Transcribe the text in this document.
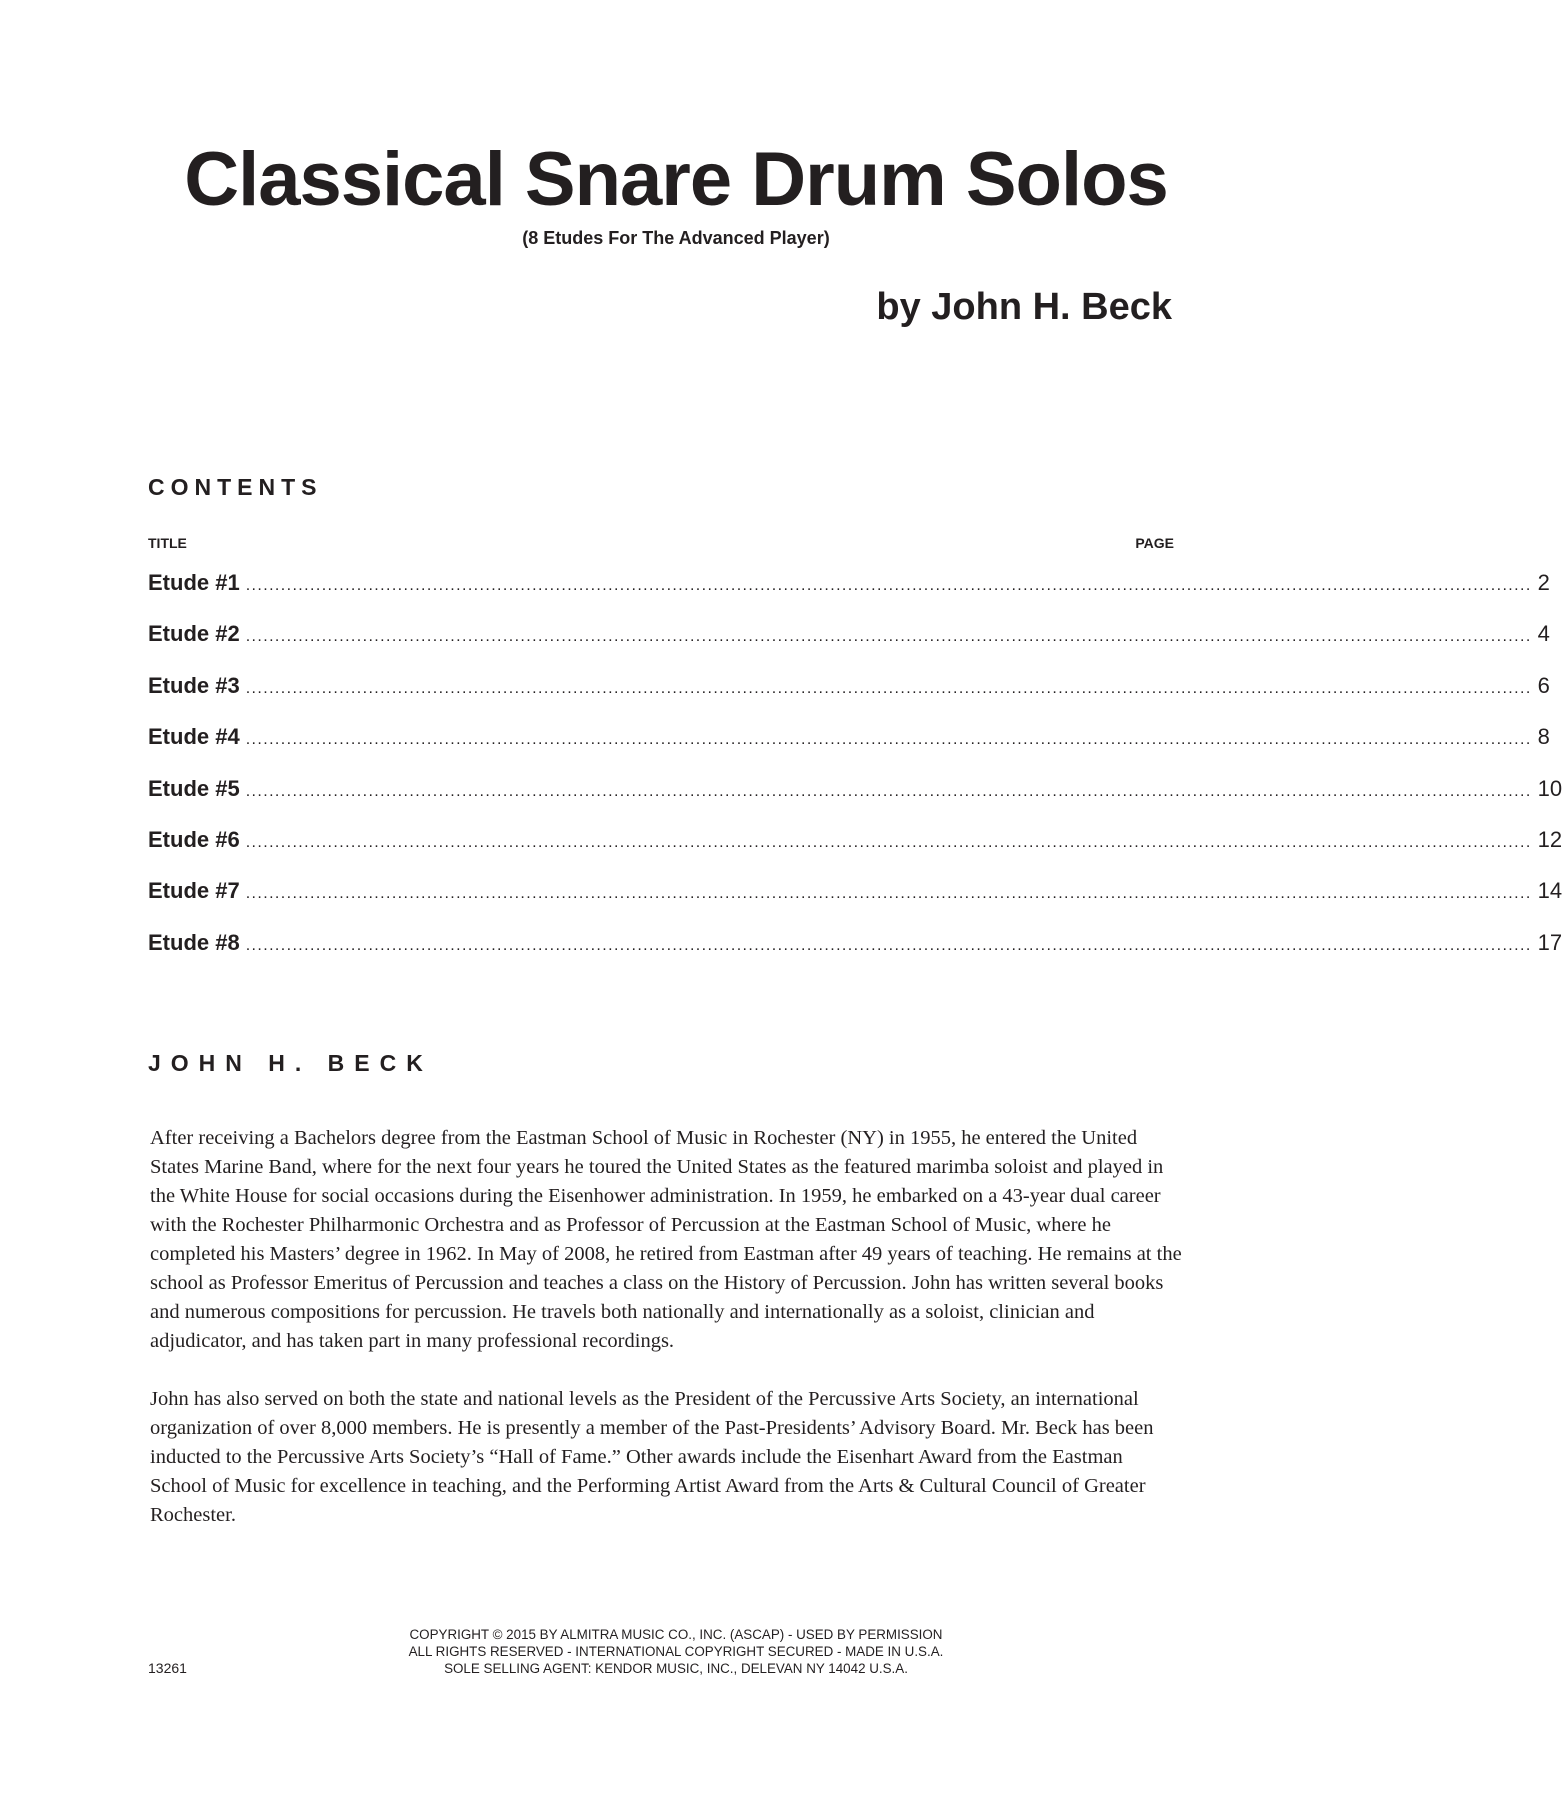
Classical Snare Drum Solos
(8 Etudes For The Advanced Player)
by John H. Beck
CONTENTS
TITLE	PAGE
Etude #1 ............................................................................................................................................................................................................................ 2
Etude #2 ............................................................................................................................................................................................................................ 4
Etude #3 ............................................................................................................................................................................................................................ 6
Etude #4 ............................................................................................................................................................................................................................ 8
Etude #5 ............................................................................................................................................................................................................................ 10
Etude #6 ............................................................................................................................................................................................................................ 12
Etude #7 ............................................................................................................................................................................................................................ 14
Etude #8 ............................................................................................................................................................................................................................ 17
JOHN H. BECK

After receiving a Bachelors degree from the Eastman School of Music in Rochester (NY) in 1955, he entered the United States Marine Band, where for the next four years he toured the United States as the featured marimba soloist and played in the White House for social occasions during the Eisenhower administration. In 1959, he embarked on a 43-year dual career with the Rochester Philharmonic Orchestra and as Professor of Percussion at the Eastman School of Music, where he completed his Masters’ degree in 1962. In May of 2008, he retired from Eastman after 49 years of teaching. He remains at the school as Professor Emeritus of Percussion and teaches a class on the History of Percussion. John has written several books and numerous compositions for percussion. He travels both nationally and internationally as a soloist, clinician and adjudicator, and has taken part in many professional recordings.

John has also served on both the state and national levels as the President of the Percussive Arts Society, an international organization of over 8,000 members. He is presently a member of the Past-Presidents’ Advisory Board. Mr. Beck has been inducted to the Percussive Arts Society’s “Hall of Fame.” Other awards include the Eisenhart Award from the Eastman School of Music for excellence in teaching, and the Performing Artist Award from the Arts & Cultural Council of Greater Rochester.

COPYRIGHT © 2015 BY ALMITRA MUSIC CO., INC. (ASCAP) - USED BY PERMISSION
ALL RIGHTS RESERVED - INTERNATIONAL COPYRIGHT SECURED - MADE IN U.S.A.
SOLE SELLING AGENT: KENDOR MUSIC, INC., DELEVAN NY 14042 U.S.A.
13261
